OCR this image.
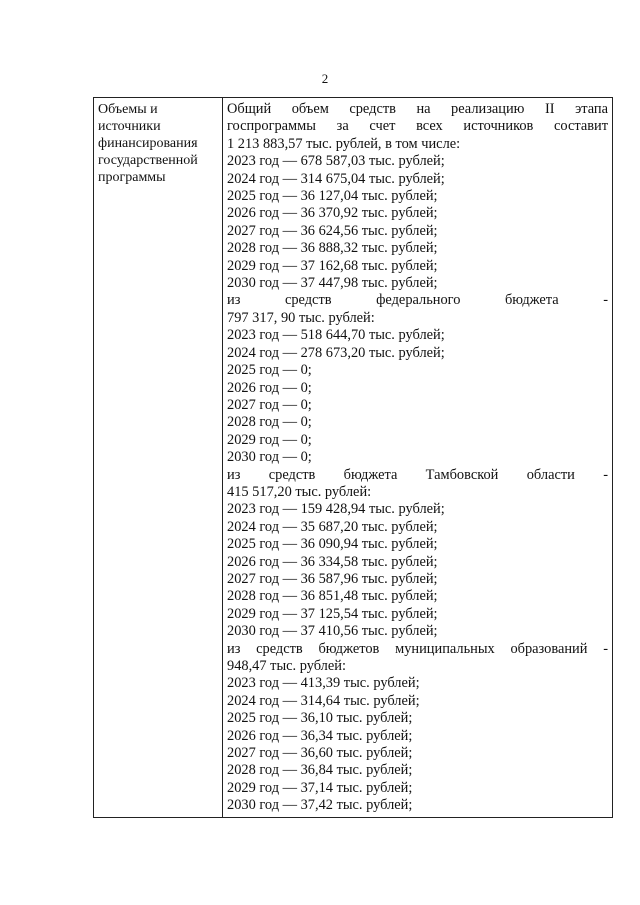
2
Объемы и
источники
финансирования
государственной
программы

Общий объем средств на реализацию II этапа
госпрограммы за счет всех источников составит
1 213 883,57 тыс. рублей, в том числе:
2023 год — 678 587,03 тыс. рублей;
2024 год — 314 675,04 тыс. рублей;
2025 год — 36 127,04 тыс. рублей;
2026 год — 36 370,92 тыс. рублей;
2027 год — 36 624,56 тыс. рублей;
2028 год — 36 888,32 тыс. рублей;
2029 год — 37 162,68 тыс. рублей;
2030 год — 37 447,98 тыс. рублей;
из средств федерального бюджета -
797 317, 90 тыс. рублей:
2023 год — 518 644,70 тыс. рублей;
2024 год — 278 673,20 тыс. рублей;
2025 год — 0;
2026 год — 0;
2027 год — 0;
2028 год — 0;
2029 год — 0;
2030 год — 0;
из средств бюджета Тамбовской области -
415 517,20 тыс. рублей:
2023 год — 159 428,94 тыс. рублей;
2024 год — 35 687,20 тыс. рублей;
2025 год — 36 090,94 тыс. рублей;
2026 год — 36 334,58 тыс. рублей;
2027 год — 36 587,96 тыс. рублей;
2028 год — 36 851,48 тыс. рублей;
2029 год — 37 125,54 тыс. рублей;
2030 год — 37 410,56 тыс. рублей;
из средств бюджетов муниципальных образований -
948,47 тыс. рублей:
2023 год — 413,39 тыс. рублей;
2024 год — 314,64 тыс. рублей;
2025 год — 36,10 тыс. рублей;
2026 год — 36,34 тыс. рублей;
2027 год — 36,60 тыс. рублей;
2028 год — 36,84 тыс. рублей;
2029 год — 37,14 тыс. рублей;
2030 год — 37,42 тыс. рублей;
